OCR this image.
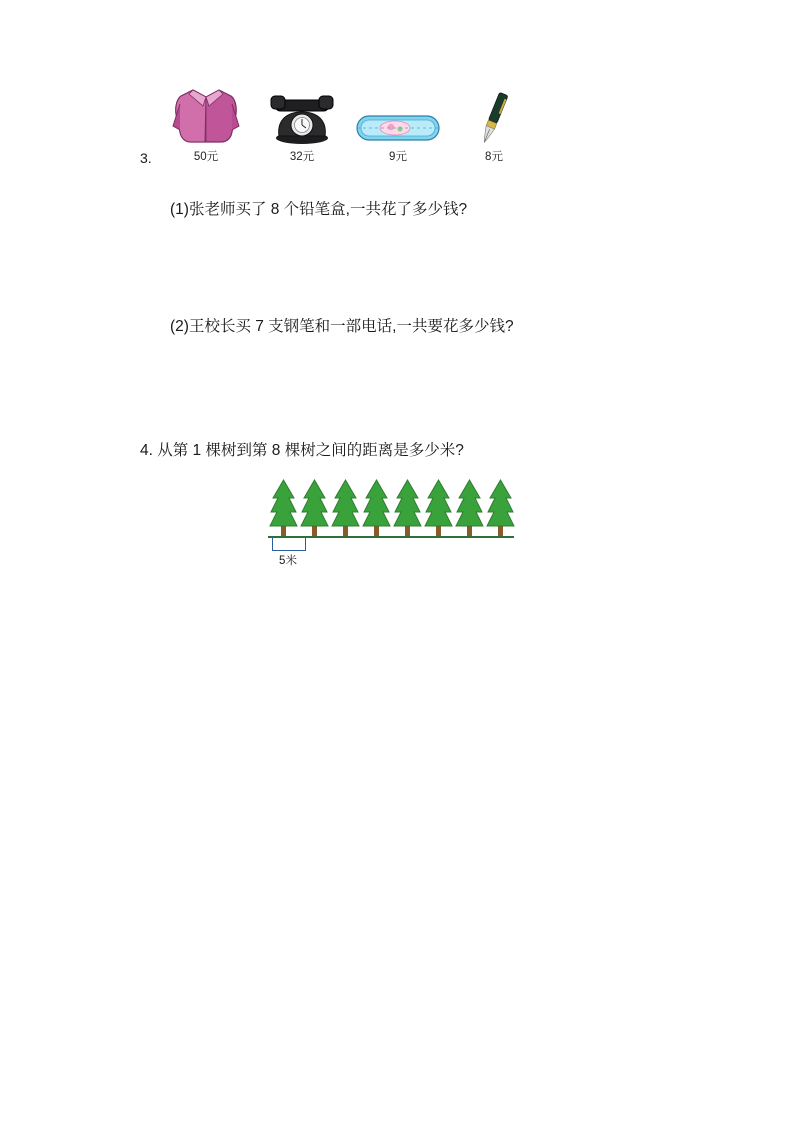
3.	50元	32元	9元	8元
(1)张老师买了 8 个铅笔盒,一共花了多少钱?
(2)王校长买 7 支钢笔和一部电话,一共要花多少钱?
4. 从第 1 棵树到第 8 棵树之间的距离是多少米?
5米
